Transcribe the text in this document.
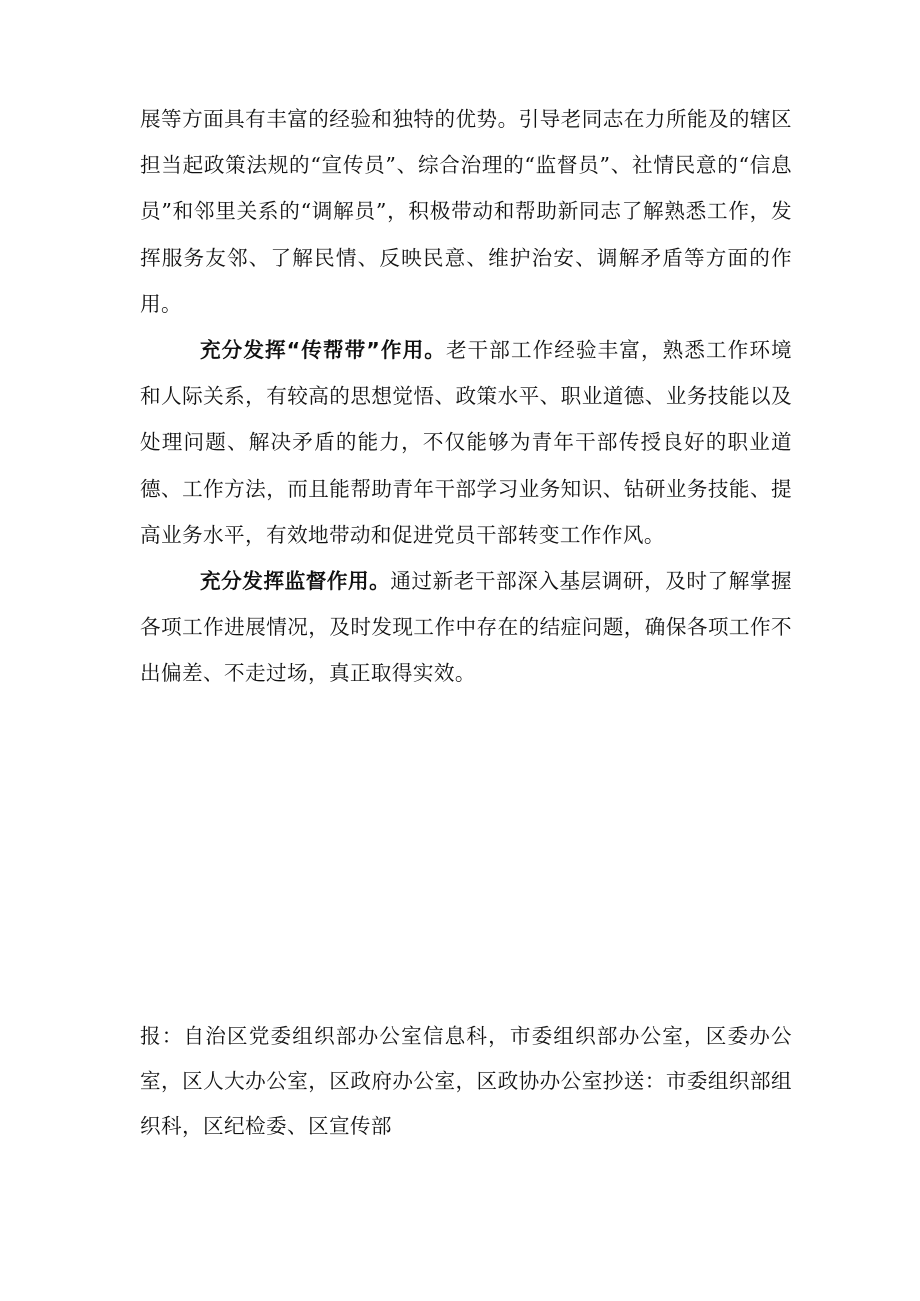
展等方面具有丰富的经验和独特的优势。引导老同志在力所能及的辖区担当起政策法规的“宣传员”、综合治理的“监督员”、社情民意的“信息员”和邻里关系的“调解员”，积极带动和帮助新同志了解熟悉工作，发挥服务友邻、了解民情、反映民意、维护治安、调解矛盾等方面的作用。

充分发挥“传帮带”作用。老干部工作经验丰富，熟悉工作环境和人际关系，有较高的思想觉悟、政策水平、职业道德、业务技能以及处理问题、解决矛盾的能力，不仅能够为青年干部传授良好的职业道德、工作方法，而且能帮助青年干部学习业务知识、钻研业务技能、提高业务水平，有效地带动和促进党员干部转变工作作风。

充分发挥监督作用。通过新老干部深入基层调研，及时了解掌握各项工作进展情况，及时发现工作中存在的结症问题，确保各项工作不出偏差、不走过场，真正取得实效。

报：自治区党委组织部办公室信息科，市委组织部办公室，区委办公室，区人大办公室，区政府办公室，区政协办公室抄送：市委组织部组织科，区纪检委、区宣传部
